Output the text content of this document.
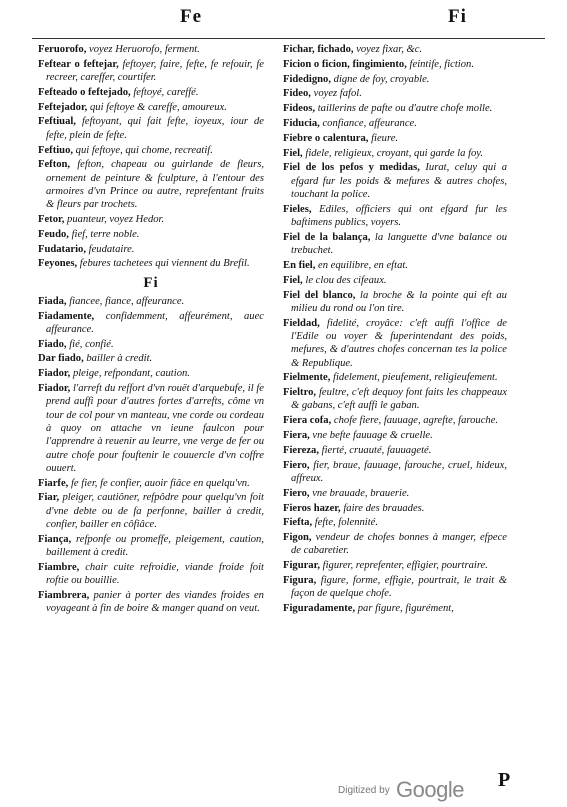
Fe	Fi
Feruorofo, voyez Heruorofo, ferment.
Feftear o feftejar, feftoyer, faire, fefte, fe refouir, fe recreer, careffer, courtifer.
Fefteado o feftejado, feftoyé, careffé.
Feftejador, qui feftoye & careffe, amoureux.
Feftiual, feftoyant, qui fait fefte, ioyeux, iour de fefte, plein de fefte.
Feftiuo, qui feftoye, qui chome, recreatif.
Fefton, fefton, chapeau ou guirlande de fleurs, ornement de peinture & fculpture, à l'entour des armoires d'vn Prince ou autre, reprefentant fruits & fleurs par trochets.
Fetor, puanteur, voyez Hedor.
Feudo, fief, terre noble.
Fudatario, feudataire.
Feyones, febures tachetees qui viennent du Brefil.
Fi
Fiada, fiancee, fiance, affeurance.
Fiadamente, confidemment, affeurément, auec affeurance.
Fiado, fié, confié.
Dar fiado, bailler à credit.
Fiador, pleige, refpondant, caution.
Fiador, l'arreft du reffort d'vn rouët d'arquebufe, il fe prend auffi pour d'autres fortes d'arrefts, côme vn tour de col pour vn manteau, vne corde ou cordeau à quoy on attache vn ieune faulcon pour l'apprendre à reuenir au leurre, vne verge de fer ou autre chofe pour fouftenir le couuercle d'vn coffre ouuert.
Fiarfe, fe fier, fe confier, auoir fiâce en quelqu'vn.
Fiar, pleiger, cautiôner, refpôdre pour quelqu'vn foit d'vne debte ou de fa perfonne, bailler à credit, confier, bailler en côfiâce.
Fiança, refponfe ou promeffe, pleigement, caution, baillement à credit.
Fiambre, chair cuite refroidie, viande froide foit roftie ou bouillie.
Fiambrera, panier à porter des viandes froides en voyageant à fin de boire & manger quand on veut.
Fichar, fichado, voyez fixar, &c.
Ficion o ficion, fingimiento, feintife, fiction.
Fidedigno, digne de foy, croyable.
Fideo, voyez fafol.
Fideos, taillerins de pafte ou d'autre chofe molle.
Fiducia, confiance, affeurance.
Fiebre o calentura, fieure.
Fiel, fidele, religieux, croyant, qui garde la foy.
Fiel de los pefos y medidas, Iurat, celuy qui a efgard fur les poids & mefures & autres chofes, touchant la police.
Fieles, Ediles, officiers qui ont efgard fur les baftimens publics, voyers.
Fiel de la balança, la languette d'vne balance ou trebuchet.
En fiel, en equilibre, en eftat.
Fiel, le clou des cifeaux.
Fiel del blanco, la broche & la pointe qui eft au milieu du rond ou l'on tire.
Fieldad, fidelité, croyâce: c'eft auffi l'office de l'Edile ou voyer & fuperintendant des poids, mefures, & d'autres chofes concernan tes la police & Republique.
Fielmente, fidelement, pieufement, religieufement.
Fieltro, feultre, c'eft dequoy font faits les chappeaux & gabans, c'eft auffi le gaban.
Fiera cofa, chofe fiere, fauuage, agrefte, farouche.
Fiera, vne befte fauuage & cruelle.
Fiereza, fierté, cruauté, fauuageté.
Fiero, fier, braue, fauuage, farouche, cruel, hideux, affreux.
Fiero, vne brauade, brauerie.
Fieros hazer, faire des brauades.
Fiefta, fefte, folennité.
Figon, vendeur de chofes bonnes à manger, efpece de cabaretier.
Figurar, figurer, reprefenter, effigier, pourtraire.
Figura, figure, forme, effigie, pourtrait, le trait & façon de quelque chofe.
Figuradamente, par figure, figurément,
Digitized by Google P
